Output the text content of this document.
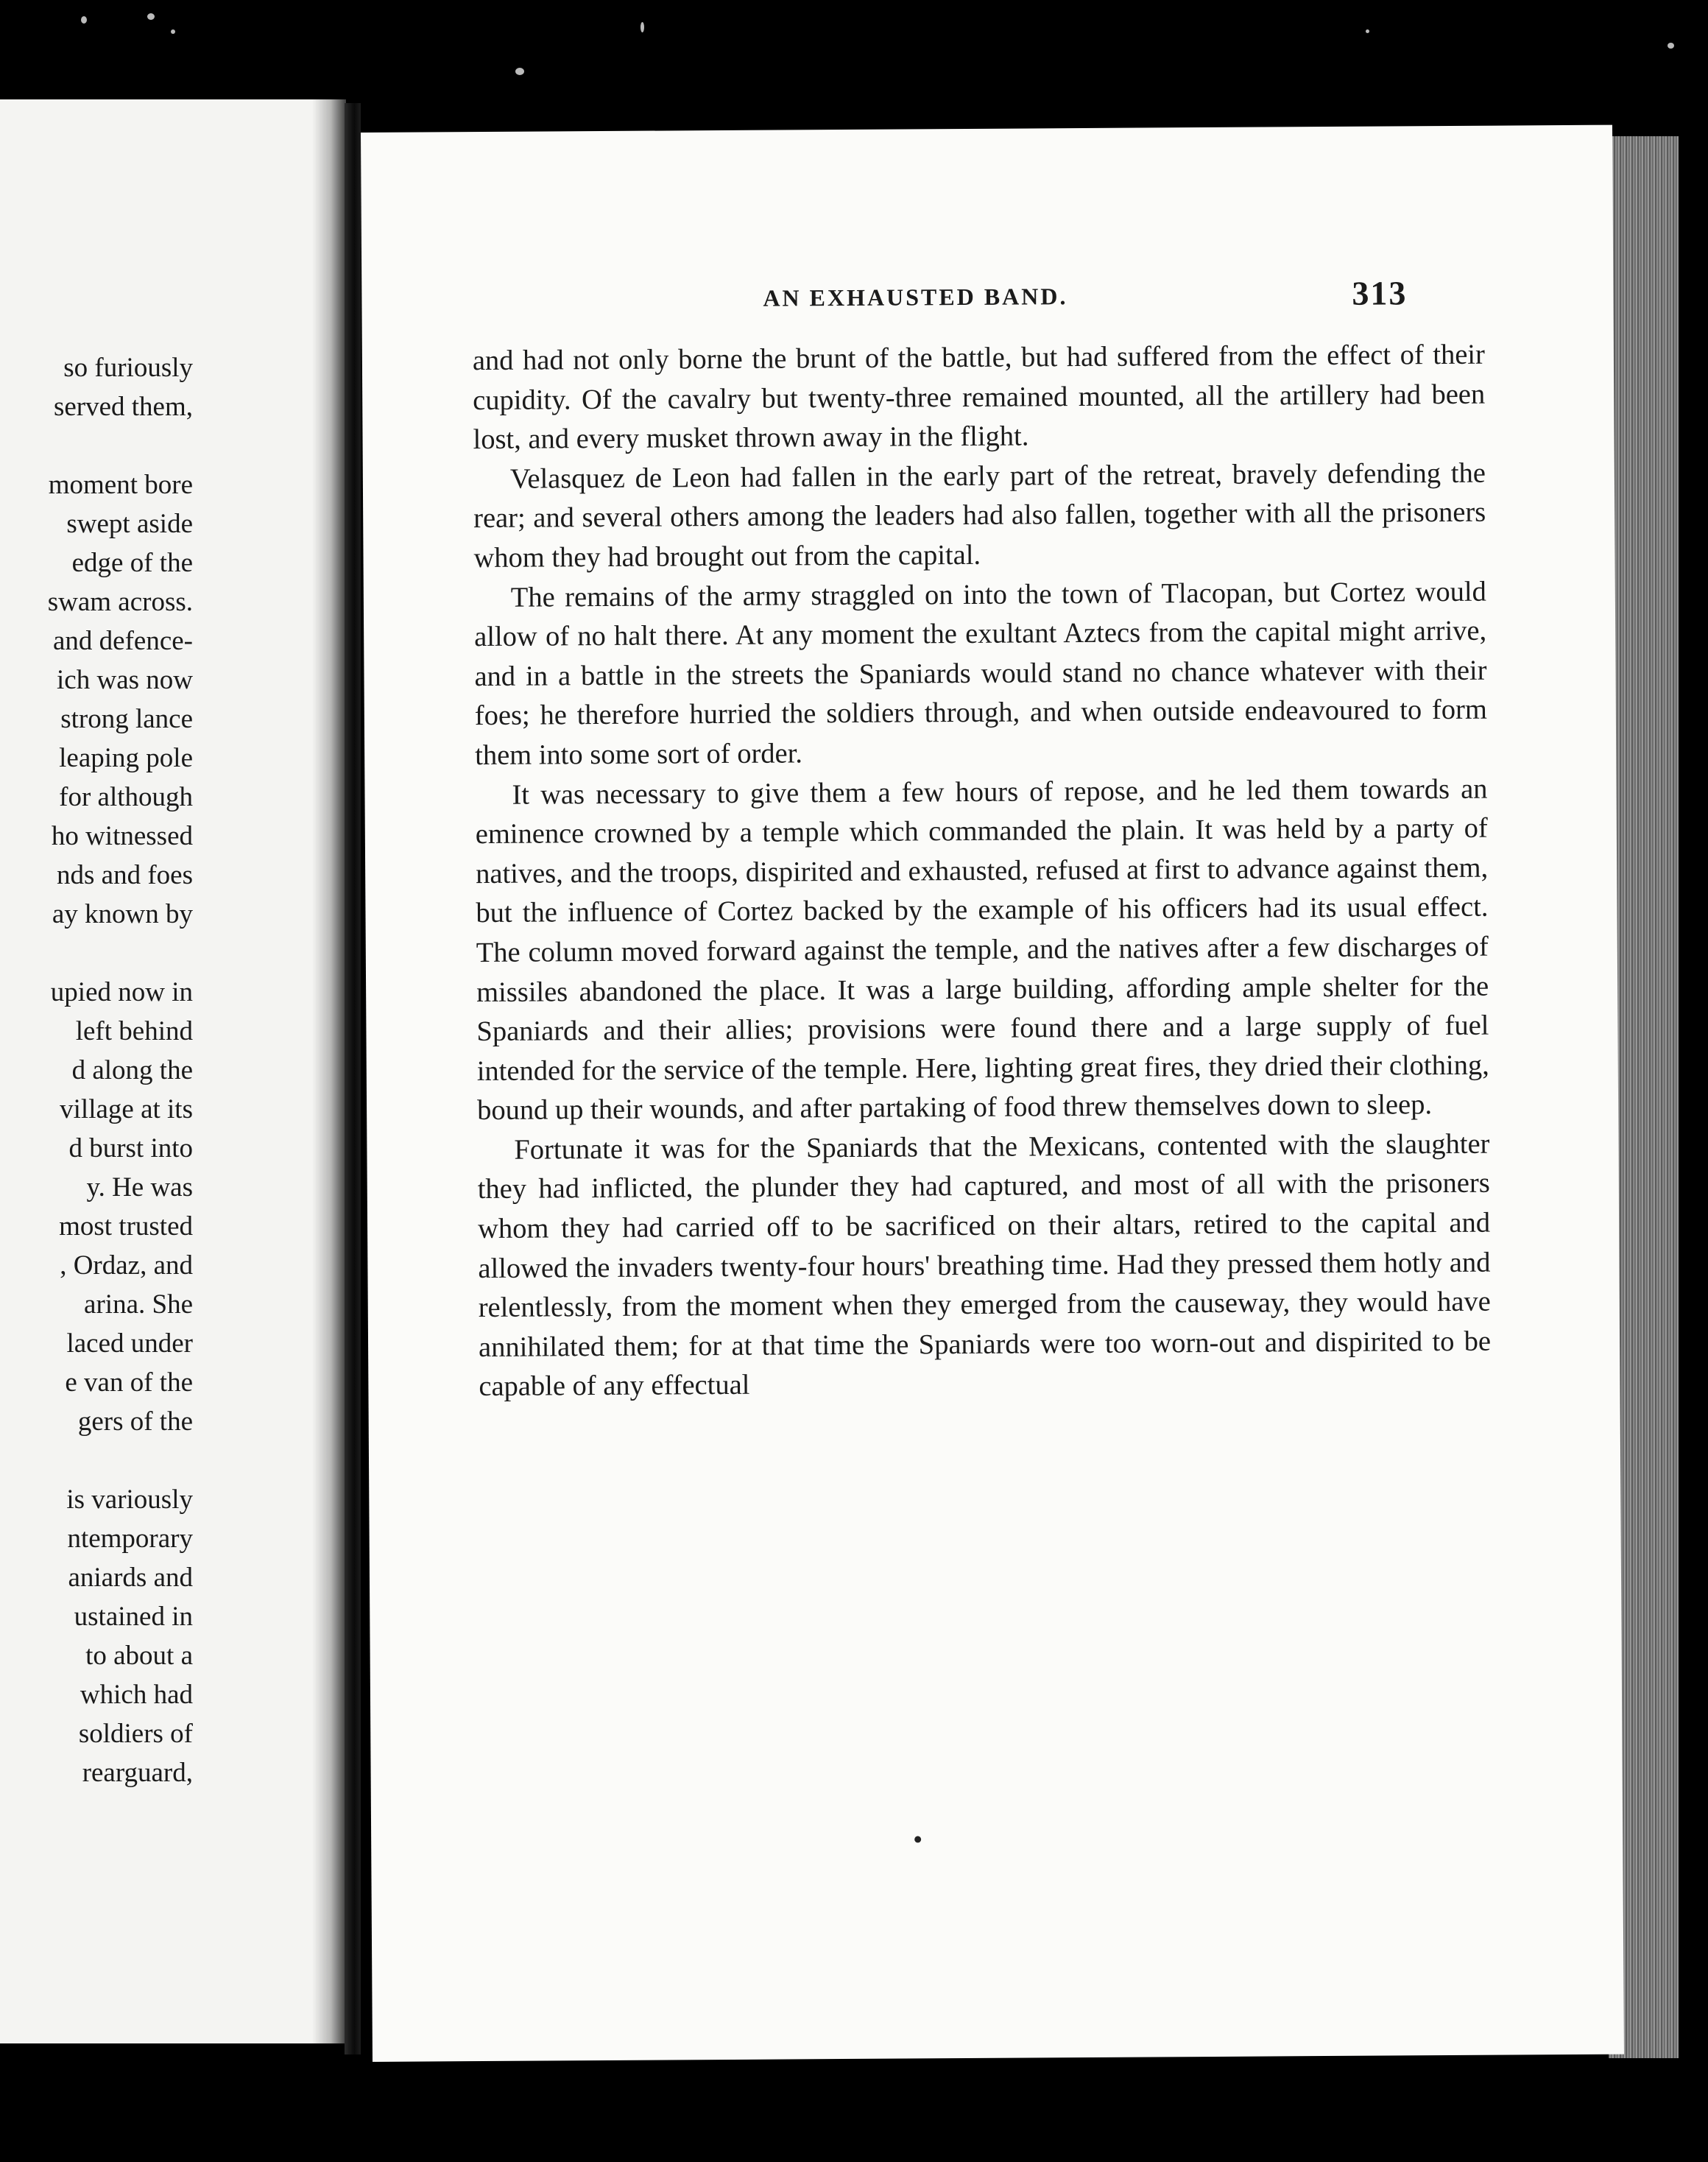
so furiously
served them,
moment bore
swept aside
edge of the
swam across.
and defence-
ich was now
strong lance
leaping pole
for although
ho witnessed
nds and foes
ay known by
upied now in
left behind
d along the
village at its
d burst into
y. He was
most trusted
, Ordaz, and
arina. She
laced under
e van of the
gers of the
is variously
ntemporary
aniards and
ustained in
to about a
which had
soldiers of
rearguard,
AN EXHAUSTED BAND.	313

and had not only borne the brunt of the battle, but had suffered from the effect of their cupidity. Of the cavalry but twenty-three remained mounted, all the artillery had been lost, and every musket thrown away in the flight.

Velasquez de Leon had fallen in the early part of the retreat, bravely defending the rear; and several others among the leaders had also fallen, together with all the prisoners whom they had brought out from the capital.

The remains of the army straggled on into the town of Tlacopan, but Cortez would allow of no halt there. At any moment the exultant Aztecs from the capital might arrive, and in a battle in the streets the Spaniards would stand no chance whatever with their foes; he therefore hurried the soldiers through, and when outside endeavoured to form them into some sort of order.

It was necessary to give them a few hours of repose, and he led them towards an eminence crowned by a temple which commanded the plain. It was held by a party of natives, and the troops, dispirited and exhausted, refused at first to advance against them, but the influence of Cortez backed by the example of his officers had its usual effect. The column moved forward against the temple, and the natives after a few discharges of missiles abandoned the place. It was a large building, affording ample shelter for the Spaniards and their allies; provisions were found there and a large supply of fuel intended for the service of the temple. Here, lighting great fires, they dried their clothing, bound up their wounds, and after partaking of food threw themselves down to sleep.

Fortunate it was for the Spaniards that the Mexicans, contented with the slaughter they had inflicted, the plunder they had captured, and most of all with the prisoners whom they had carried off to be sacrificed on their altars, retired to the capital and allowed the invaders twenty-four hours' breathing time. Had they pressed them hotly and relentlessly, from the moment when they emerged from the causeway, they would have annihilated them; for at that time the Spaniards were too worn-out and dispirited to be capable of any effectual
